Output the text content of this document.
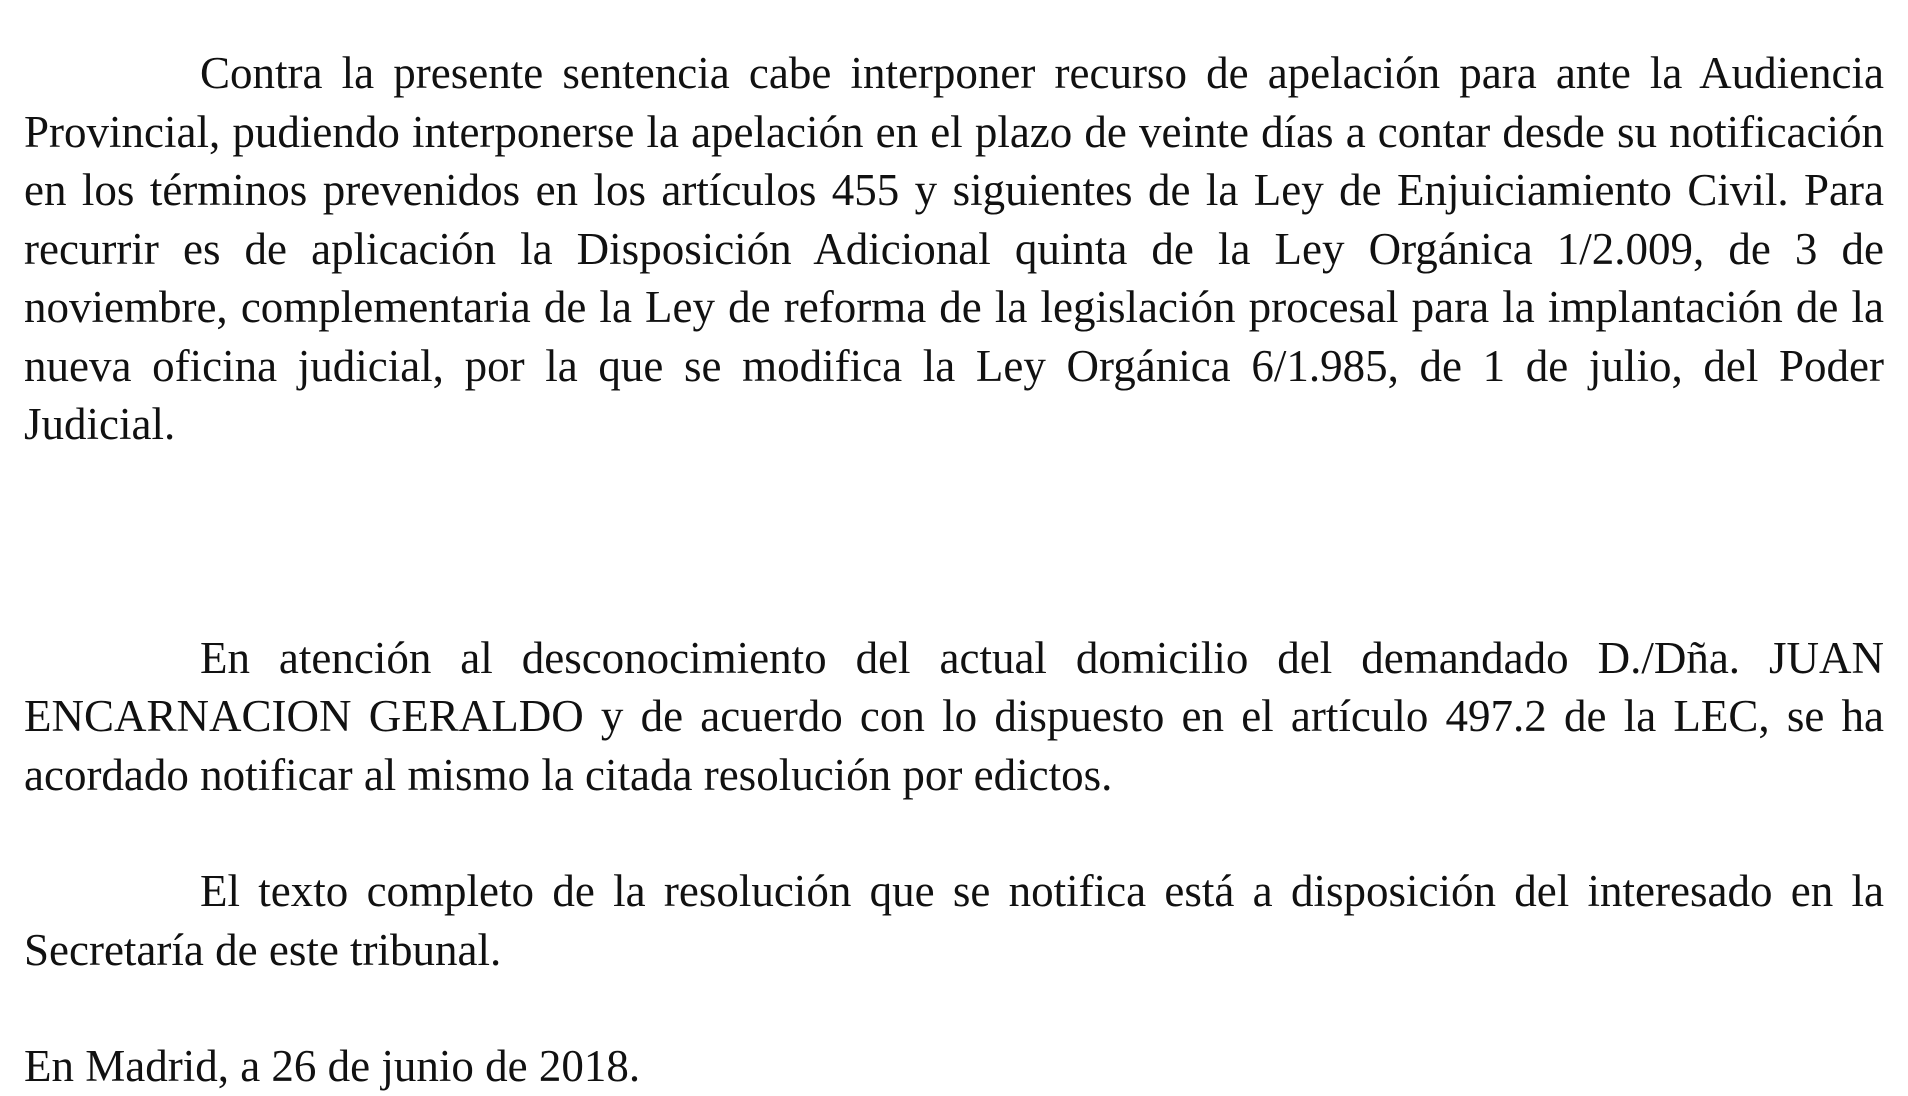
Contra la presente sentencia cabe interponer recurso de apelación para ante la Audiencia Provincial, pudiendo interponerse la apelación en el plazo de veinte días a contar desde su notificación en los términos prevenidos en los artículos 455 y siguientes de la Ley de Enjuiciamiento Civil. Para recurrir es de aplicación la Disposición Adicional quinta de la Ley Orgánica 1/2.009, de 3 de noviembre, complementaria de la Ley de reforma de la legislación procesal para la implantación de la nueva oficina judicial, por la que se modifica la Ley Orgánica 6/1.985, de 1 de julio, del Poder Judicial.

En atención al desconocimiento del actual domicilio del demandado D./Dña. JUAN ENCARNACION GERALDO y de acuerdo con lo dispuesto en el artículo 497.2 de la LEC, se ha acordado notificar al mismo la citada resolución por edictos.

El texto completo de la resolución que se notifica está a disposición del interesado en la Secretaría de este tribunal.

En Madrid, a 26 de junio de 2018.
